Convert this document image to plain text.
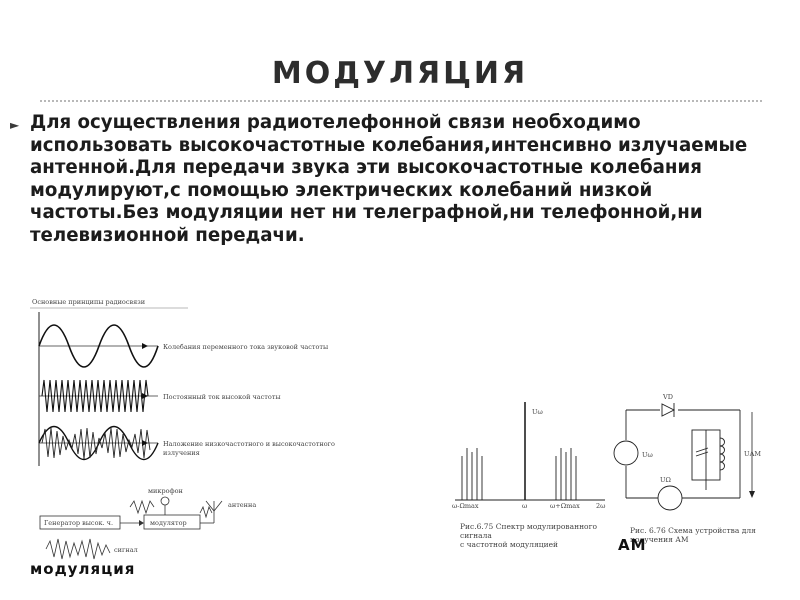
МОДУЛЯЦИЯ
► Для осуществления радиотелефонной связи необходимо использовать высокочастотные колебания,интенсивно излучаемые антенной.Для передачи звука эти высокочастотные колебания модулируют,с помощью электрических колебаний низкой частоты.Без модуляции нет ни телеграфной,ни телефонной,ни телевизионной передачи.
Основные принципы радиосвязи
Колебания переменного тока звуковой частоты
Постоянный ток высокой частоты
Наложение низкочастотного и высокочастотного
излучения
микрофон
Генератор высок. ч.	модулятор
антенна
сигнал
Uω
ω-Ωmax	ω	ω+Ωmax 2ω
Рис.6.75 Спектр модулированного сигнала
с частотной модуляцией
VD
Uω
UΩ
UАМ
Рис. 6.76 Схема устройства для
получения АМ
модуляция
АМ
